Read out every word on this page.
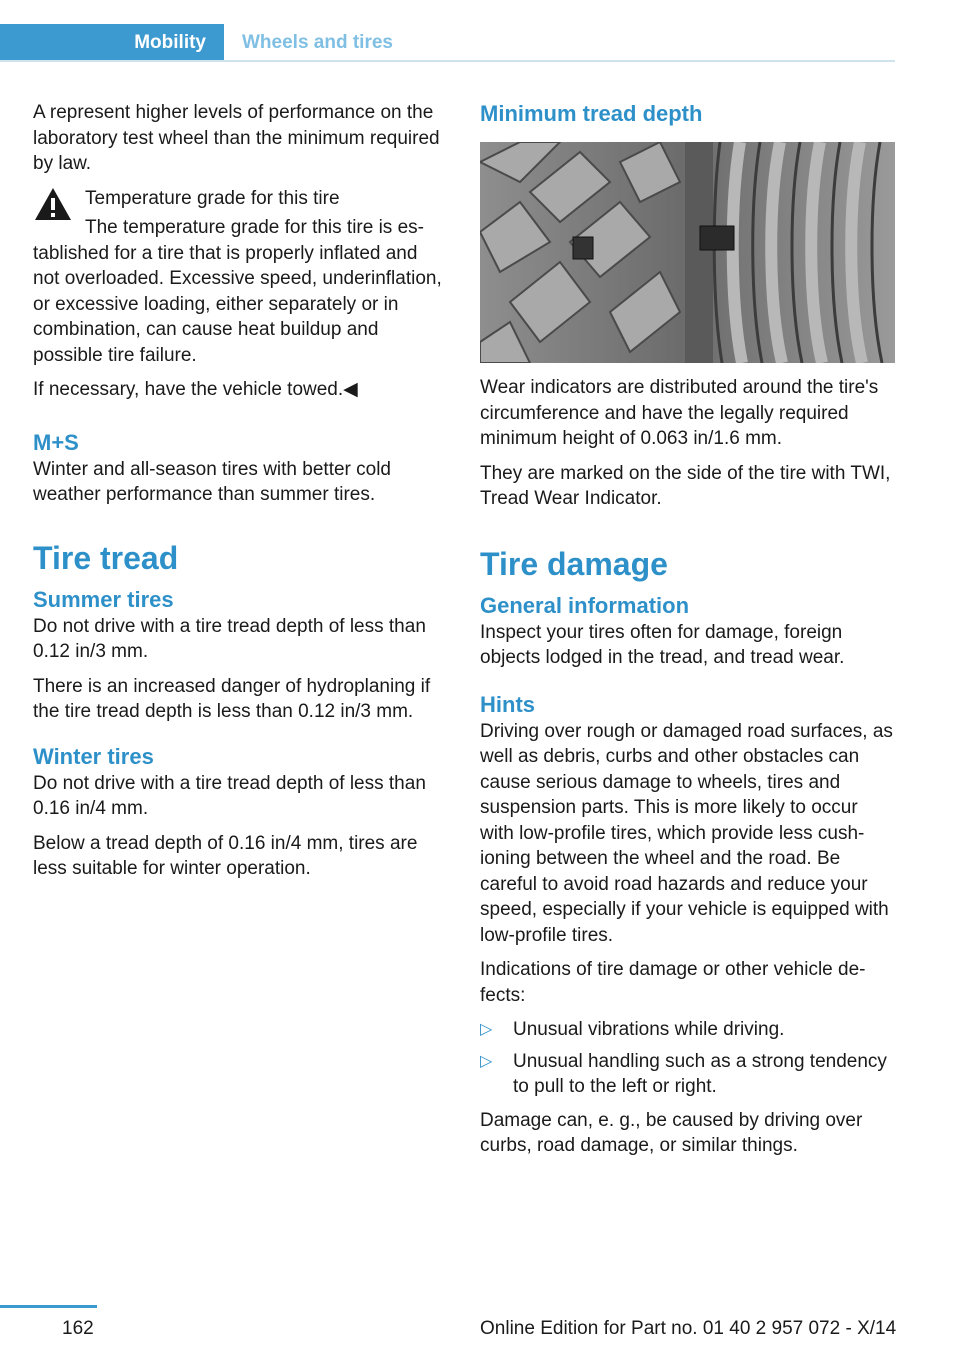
Mobility	Wheels and tires

A represent higher levels of performance on the laboratory test wheel than the minimum required by law.

Temperature grade for this tire

The temperature grade for this tire is established for a tire that is properly inflated and not overloaded. Excessive speed, underinflation, or excessive loading, either separately or in combination, can cause heat buildup and possible tire failure.

If necessary, have the vehicle towed.◀

M+S

Winter and all-season tires with better cold weather performance than summer tires.

Tire tread
Summer tires

Do not drive with a tire tread depth of less than 0.12 in/3 mm.

There is an increased danger of hydroplaning if the tire tread depth is less than 0.12 in/3 mm.

Winter tires

Do not drive with a tire tread depth of less than 0.16 in/4 mm.

Below a tread depth of 0.16 in/4 mm, tires are less suitable for winter operation.

Minimum tread depth

Wear indicators are distributed around the tire's circumference and have the legally required minimum height of 0.063 in/1.6 mm.

They are marked on the side of the tire with TWI, Tread Wear Indicator.

Tire damage
General information

Inspect your tires often for damage, foreign objects lodged in the tread, and tread wear.

Hints

Driving over rough or damaged road surfaces, as well as debris, curbs and other obstacles can cause serious damage to wheels, tires and suspension parts. This is more likely to occur with low-profile tires, which provide less cushioning between the wheel and the road. Be careful to avoid road hazards and reduce your speed, especially if your vehicle is equipped with low-profile tires.

Indications of tire damage or other vehicle defects:

▷ Unusual vibrations while driving.
▷ Unusual handling such as a strong tendency to pull to the left or right.

Damage can, e. g., be caused by driving over curbs, road damage, or similar things.

162	Online Edition for Part no. 01 40 2 957 072 - X/14
